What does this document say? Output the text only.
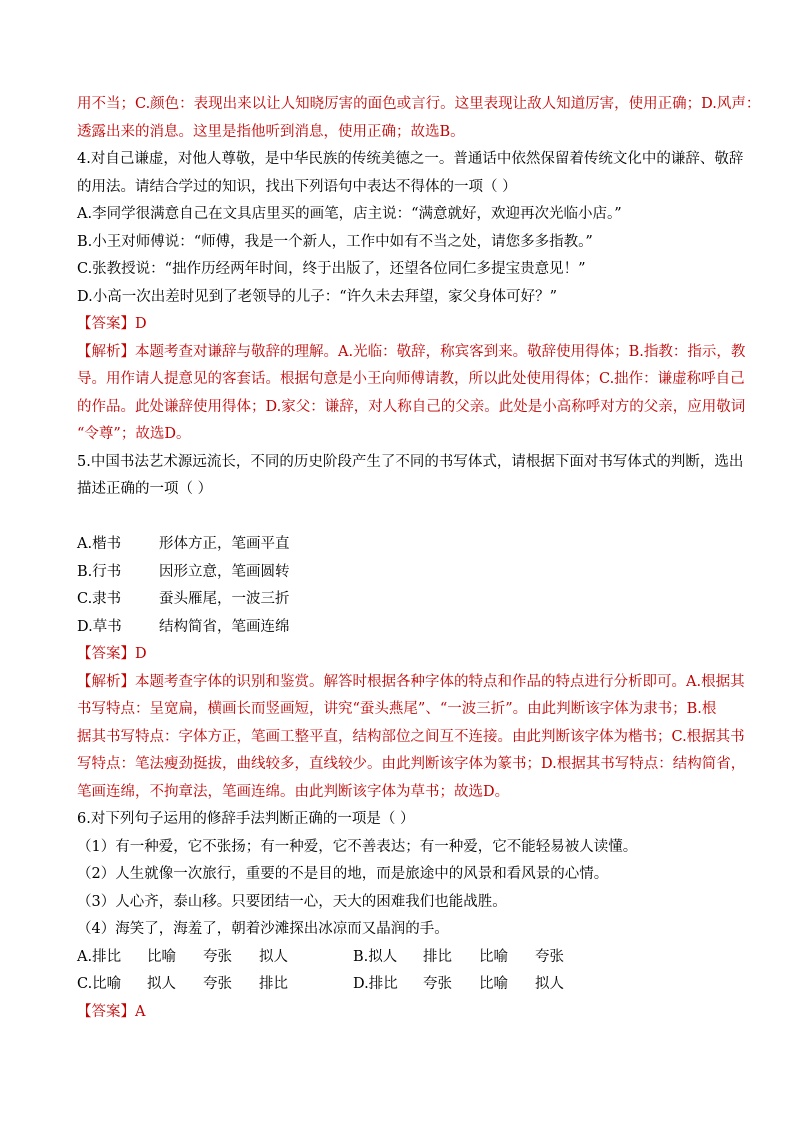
用不当；C.颜色：表现出来以让人知晓厉害的面色或言行。这里表现让敌人知道厉害，使用正确；D.风声：
透露出来的消息。这里是指他听到消息，使用正确；故选B。
4.对自己谦虚，对他人尊敬，是中华民族的传统美德之一。普通话中依然保留着传统文化中的谦辞、敬辞
的用法。请结合学过的知识，找出下列语句中表达不得体的一项（ ）
A.李同学很满意自己在文具店里买的画笔，店主说：“满意就好，欢迎再次光临小店。”
B.小王对师傅说：“师傅，我是一个新人，工作中如有不当之处，请您多多指教。”
C.张教授说：“拙作历经两年时间，终于出版了，还望各位同仁多提宝贵意见！”
D.小高一次出差时见到了老领导的儿子：“许久未去拜望，家父身体可好？”
【答案】D
【解析】本题考查对谦辞与敬辞的理解。A.光临：敬辞，称宾客到来。敬辞使用得体；B.指教：指示，教
导。用作请人提意见的客套话。根据句意是小王向师傅请教，所以此处使用得体；C.拙作：谦虚称呼自己
的作品。此处谦辞使用得体；D.家父：谦辞，对人称自己的父亲。此处是小高称呼对方的父亲，应用敬词
“令尊”；故选D。
5.中国书法艺术源远流长，不同的历史阶段产生了不同的书写体式，请根据下面对书写体式的判断，选出
描述正确的一项（ ）
A.楷书	形体方正，笔画平直
B.行书	因形立意，笔画圆转
C.隶书	蚕头雁尾，一波三折
D.草书	结构简省，笔画连绵
【答案】D
【解析】本题考查字体的识别和鉴赏。解答时根据各种字体的特点和作品的特点进行分析即可。A.根据其
书写特点：呈宽扁，横画长而竖画短，讲究“蚕头燕尾”、“一波三折”。由此判断该字体为隶书；B.根
据其书写特点：字体方正，笔画工整平直，结构部位之间互不连接。由此判断该字体为楷书；C.根据其书
写特点：笔法瘦劲挺拔，曲线较多，直线较少。由此判断该字体为篆书；D.根据其书写特点：结构简省，
笔画连绵，不拘章法，笔画连绵。由此判断该字体为草书；故选D。
6.对下列句子运用的修辞手法判断正确的一项是（ ）
（1）有一种爱，它不张扬；有一种爱，它不善表达；有一种爱，它不能轻易被人读懂。
（2）人生就像一次旅行，重要的不是目的地，而是旅途中的风景和看风景的心情。
（3）人心齐，泰山移。只要团结一心，天大的困难我们也能战胜。
（4）海笑了，海羞了，朝着沙滩探出冰凉而又晶润的手。
A.排比	比喻	夸张	拟人	B.拟人	排比	比喻	夸张
C.比喻	拟人	夸张	排比	D.排比	夸张	比喻	拟人
【答案】A
